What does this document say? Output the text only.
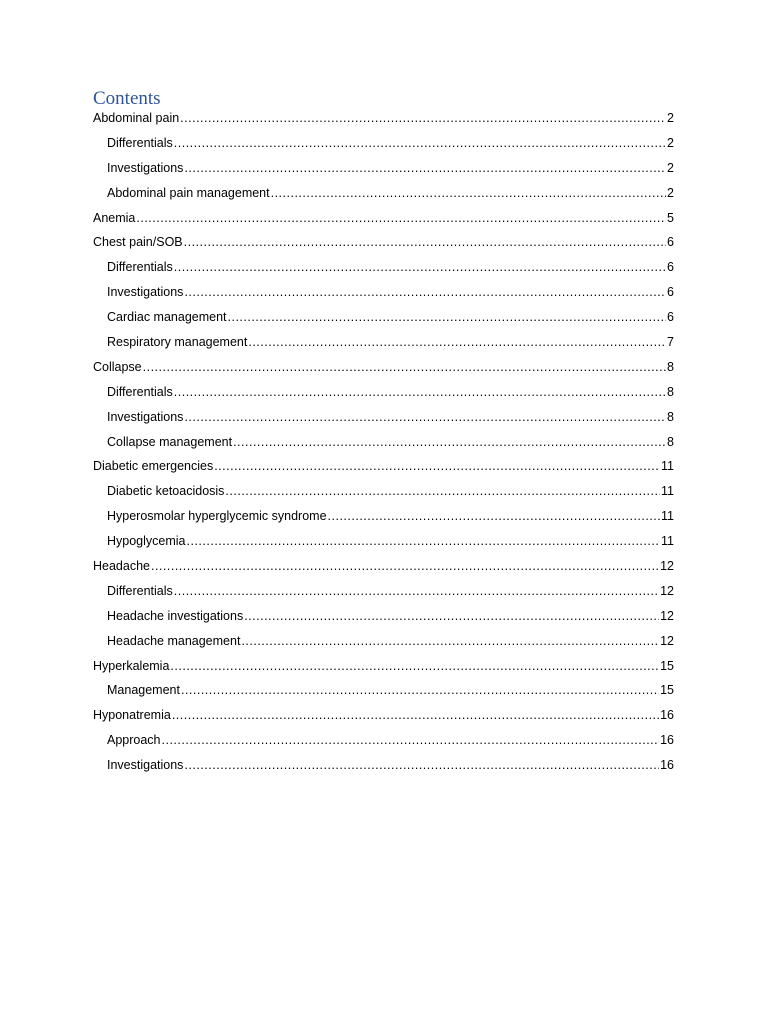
Contents
Abdominal pain .....	2
Differentials .....	2
Investigations .....	2
Abdominal pain management .....	2
Anemia .....	5
Chest pain/SOB .....	6
Differentials .....	6
Investigations .....	6
Cardiac management .....	6
Respiratory management .....	7
Collapse .....	8
Differentials .....	8
Investigations .....	8
Collapse management .....	8
Diabetic emergencies .....	11
Diabetic ketoacidosis .....	11
Hyperosmolar hyperglycemic syndrome .....	11
Hypoglycemia .....	11
Headache .....	12
Differentials .....	12
Headache investigations .....	12
Headache management .....	12
Hyperkalemia .....	15
Management .....	15
Hyponatremia .....	16
Approach .....	16
Investigations .....	16
